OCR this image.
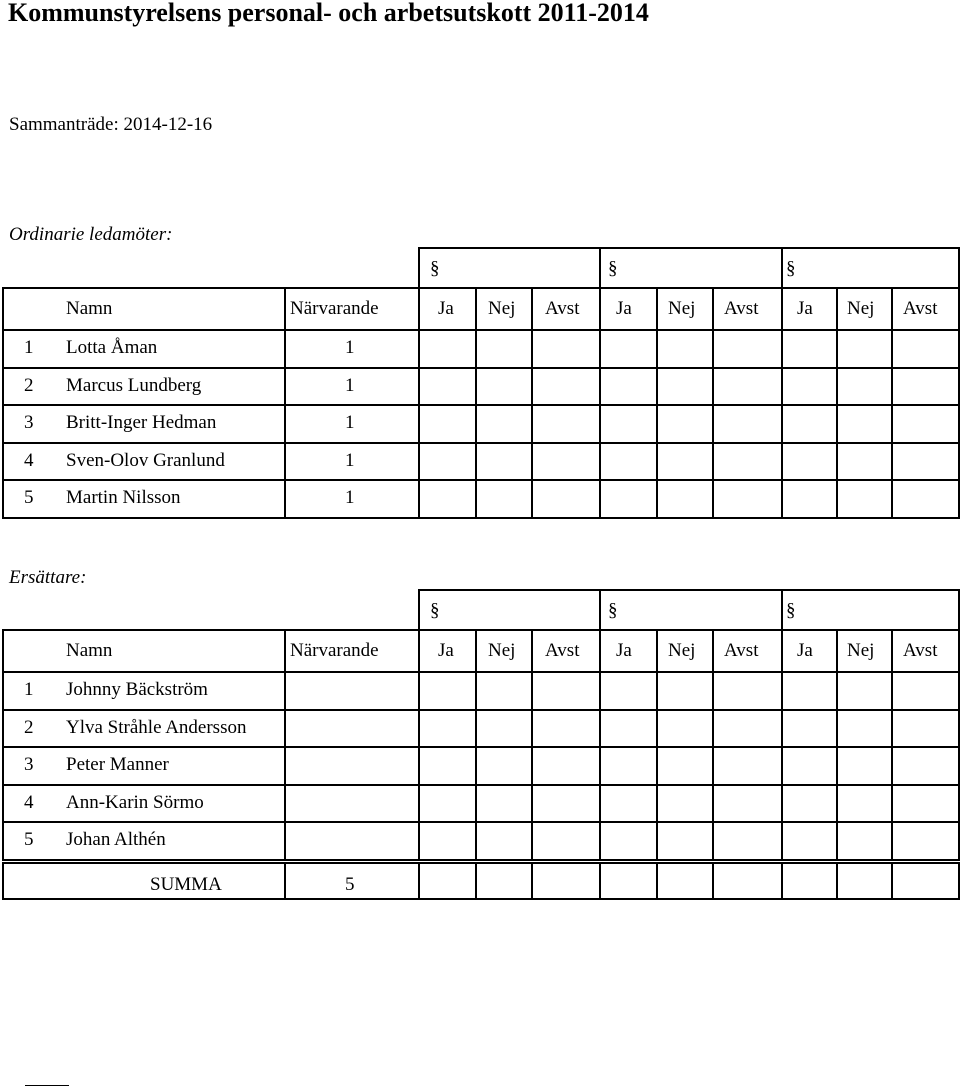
Kommunstyrelsens personal- och arbetsutskott 2011-2014
Sammanträde: 2014-12-16
Ordinarie ledamöter:
§	§	§
Namn	Närvarande	Ja Nej Avst Ja Nej Avst Ja Nej Avst
1 Lotta Åman	1
2 Marcus Lundberg	1
3 Britt-Inger Hedman	1
4 Sven-Olov Granlund	1
5 Martin Nilsson	1
Ersättare:
§	§	§
Namn	Närvarande	Ja Nej Avst Ja Nej Avst Ja Nej Avst
1 Johnny Bäckström
2 Ylva Stråhle Andersson
3 Peter Manner
4 Ann-Karin Sörmo
5 Johan Althén
SUMMA	5
